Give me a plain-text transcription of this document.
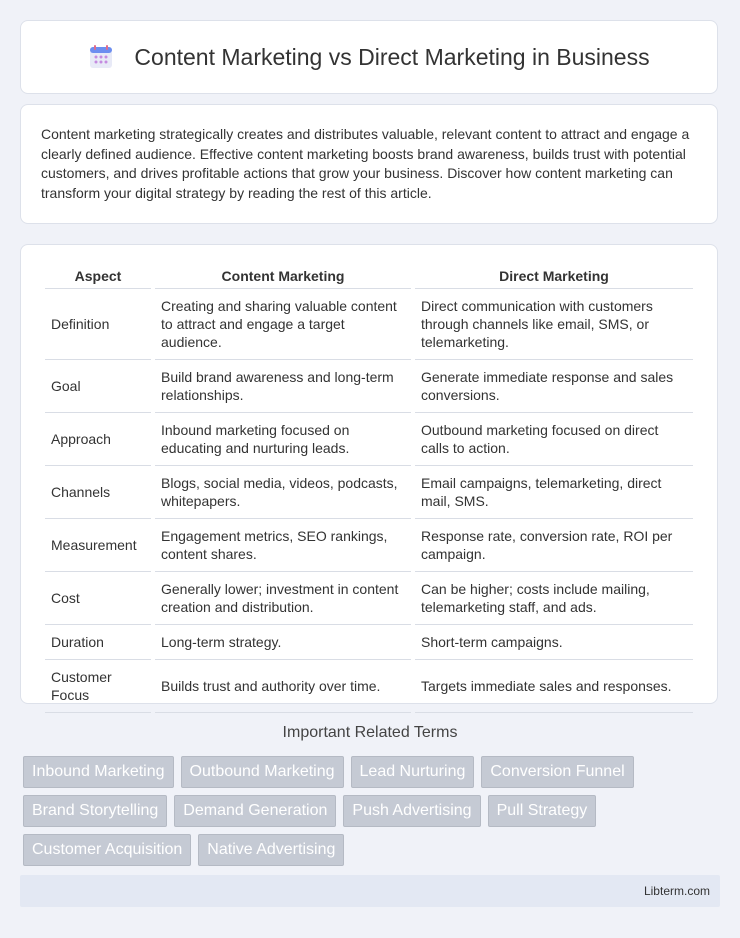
Content Marketing vs Direct Marketing in Business

Content marketing strategically creates and distributes valuable, relevant content to attract and engage a clearly defined audience. Effective content marketing boosts brand awareness, builds trust with potential customers, and drives profitable actions that grow your business. Discover how content marketing can transform your digital strategy by reading the rest of this article.

Aspect	Content Marketing	Direct Marketing
Definition	Creating and sharing valuable content to attract and engage a target audience.	Direct communication with customers through channels like email, SMS, or telemarketing.
Goal	Build brand awareness and long-term relationships.	Generate immediate response and sales conversions.
Approach	Inbound marketing focused on educating and nurturing leads.	Outbound marketing focused on direct calls to action.
Channels	Blogs, social media, videos, podcasts, whitepapers.	Email campaigns, telemarketing, direct mail, SMS.
Measurement	Engagement metrics, SEO rankings, content shares.	Response rate, conversion rate, ROI per campaign.
Cost	Generally lower; investment in content creation and distribution.	Can be higher; costs include mailing, telemarketing staff, and ads.
Duration	Long-term strategy.	Short-term campaigns.
Customer Focus	Builds trust and authority over time.	Targets immediate sales and responses.
Important Related Terms
Inbound Marketing	Outbound Marketing	Lead Nurturing	Conversion Funnel
Brand Storytelling	Demand Generation	Push Advertising	Pull Strategy
Customer Acquisition	Native Advertising
Libterm.com
